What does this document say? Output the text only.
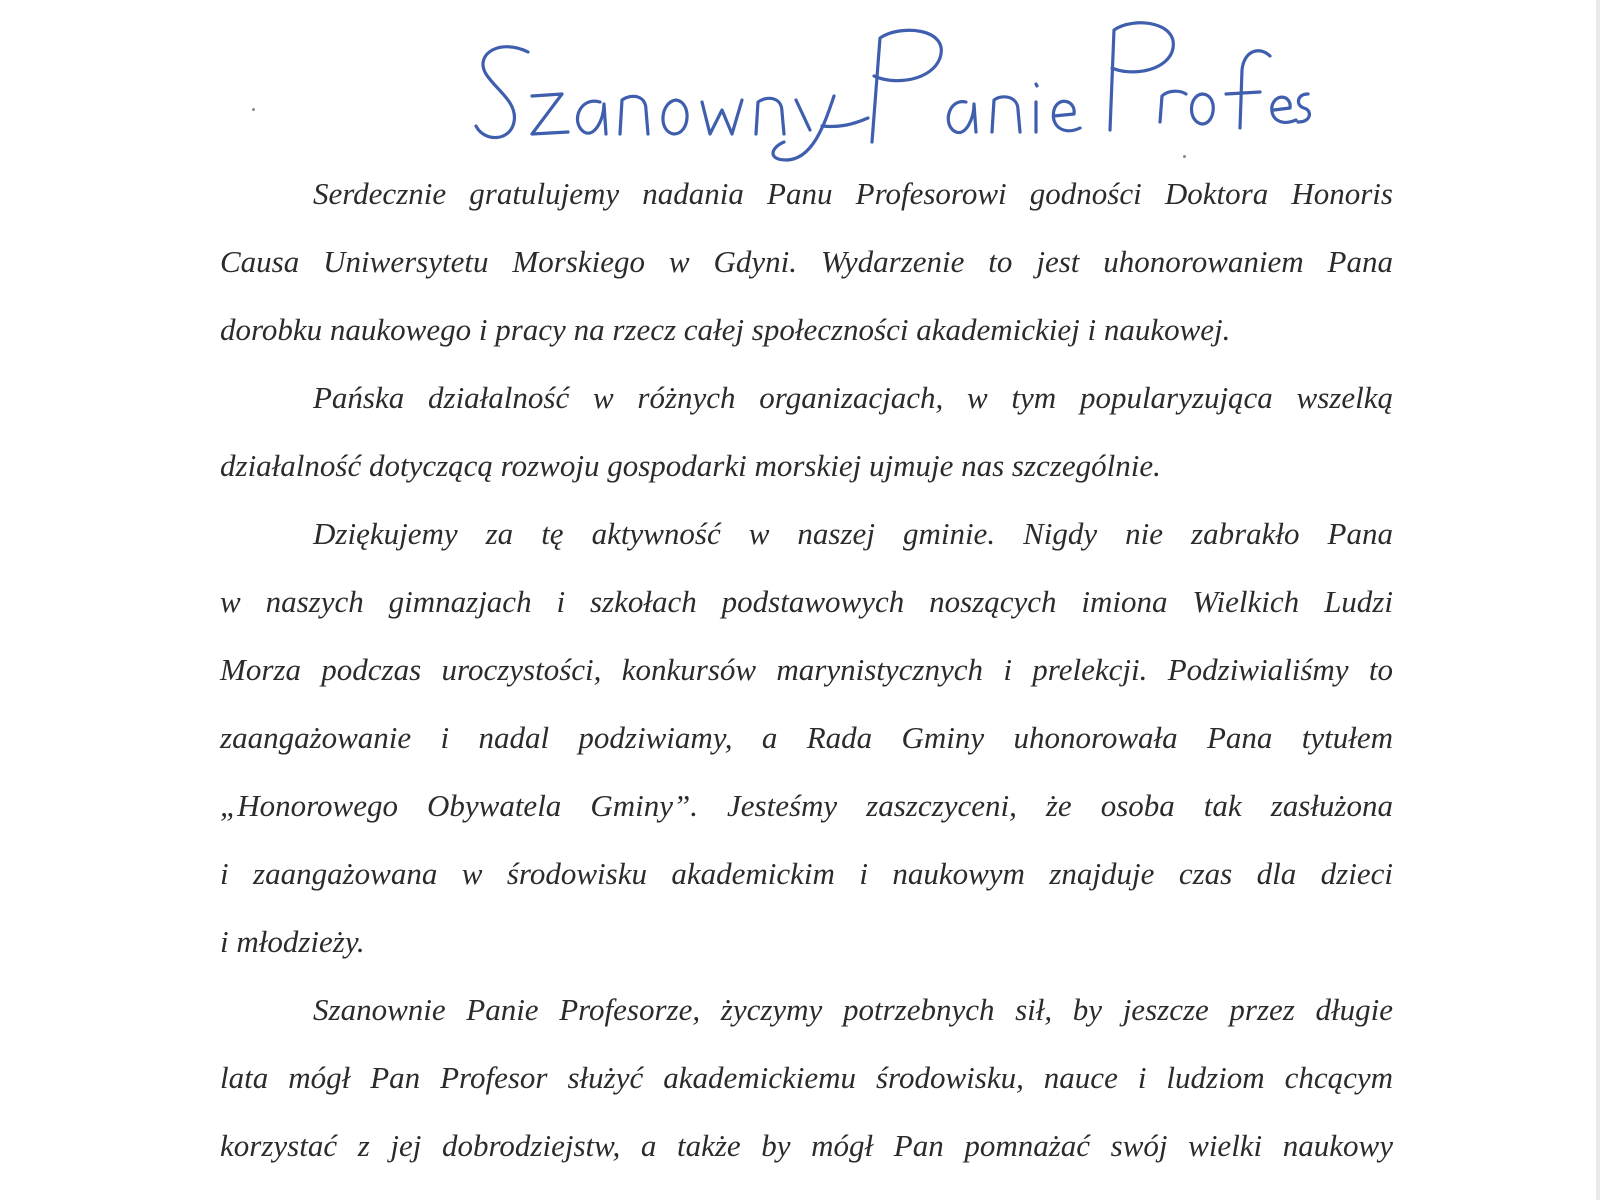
Serdecznie gratulujemy nadania Panu Profesorowi godności Doktora Honoris
Causa Uniwersytetu Morskiego w Gdyni. Wydarzenie to jest uhonorowaniem Pana
dorobku naukowego i pracy na rzecz całej społeczności akademickiej i naukowej.
Pańska działalność w różnych organizacjach, w tym popularyzująca wszelką
działalność dotyczącą rozwoju gospodarki morskiej ujmuje nas szczególnie.
Dziękujemy za tę aktywność w naszej gminie. Nigdy nie zabrakło Pana
w naszych gimnazjach i szkołach podstawowych noszących imiona Wielkich Ludzi
Morza podczas uroczystości, konkursów marynistycznych i prelekcji. Podziwialiśmy to
zaangażowanie i nadal podziwiamy, a Rada Gminy uhonorowała Pana tytułem
„Honorowego Obywatela Gminy”. Jesteśmy zaszczyceni, że osoba tak zasłużona
i zaangażowana w środowisku akademickim i naukowym znajduje czas dla dzieci
i młodzieży.
Szanownie Panie Profesorze, życzymy potrzebnych sił, by jeszcze przez długie
lata mógł Pan Profesor służyć akademickiemu środowisku, nauce i ludziom chcącym
korzystać z jej dobrodziejstw, a także by mógł Pan pomnażać swój wielki naukowy
